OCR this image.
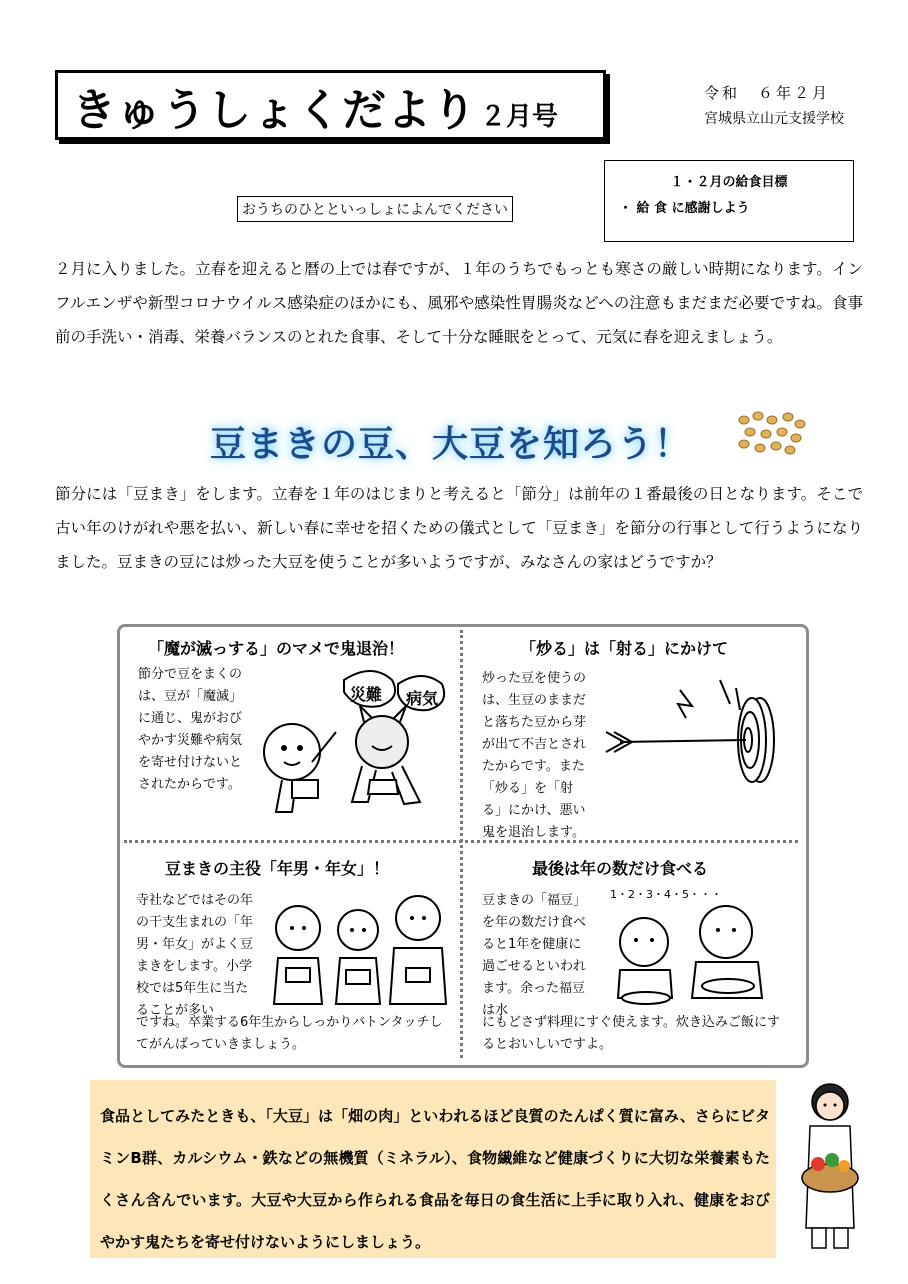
きゅうしょくだより ２月号
令和　６年２月
宮城県立山元支援学校
１・２月の給食目標
・ 給 食 に感謝しよう
おうちのひとといっしょによんでください
２月に入りました。立春を迎えると暦の上では春ですが、１年のうちでもっとも寒さの厳しい時期になります。インフルエンザや新型コロナウイルス感染症のほかにも、風邪や感染性胃腸炎などへの注意もまだまだ必要ですね。食事前の手洗い・消毒、栄養バランスのとれた食事、そして十分な睡眠をとって、元気に春を迎えましょう。
豆まきの豆、大豆を知ろう！
節分には「豆まき」をします。立春を１年のはじまりと考えると「節分」は前年の１番最後の日となります。そこで古い年のけがれや悪を払い、新しい春に幸せを招くための儀式として「豆まき」を節分の行事として行うようになりました。豆まきの豆には炒った大豆を使うことが多いようですが、みなさんの家はどうですか？
「魔が滅っする」のマメで鬼退治！
節分で豆をまくのは、豆が「魔滅」に通じ、鬼がおびやかす災難や病気を寄せ付けないとされたからです。
災難 病気
「炒る」は「射る」にかけて
炒った豆を使うのは、生豆のままだと落ちた豆から芽が出て不吉とされたからです。また「炒る」を「射る」にかけ、悪い鬼を退治します。
豆まきの主役「年男・年女」！
寺社などではその年の干支生まれの「年男・年女」がよく豆まきをします。小学校では5年生に当たることが多い
ですね。卒業する6年生からしっかりバトンタッチしてがんばっていきましょう。
最後は年の数だけ食べる
豆まきの「福豆」を年の数だけ食べると1年を健康に過ごせるといわれます。余った福豆は水
1・2・3・4・5・・・
にもどさず料理にすぐ使えます。炊き込みご飯にするとおいしいですよ。
食品としてみたときも、「大豆」は「畑の肉」といわれるほど良質のたんぱく質に富み、さらにビタミンB群、カルシウム・鉄などの無機質（ミネラル）、食物繊維など健康づくりに大切な栄養素もたくさん含んでいます。大豆や大豆から作られる食品を毎日の食生活に上手に取り入れ、健康をおびやかす鬼たちを寄せ付けないようにしましょう。
